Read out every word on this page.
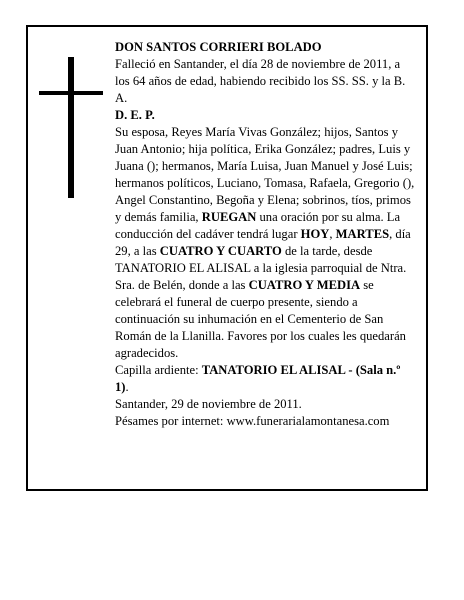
DON SANTOS CORRIERI BOLADO

Falleció en Santander, el día 28 de noviembre de 2011, a los 64 años de edad, habiendo recibido los SS. SS. y la B. A.

D. E. P.

Su esposa, Reyes María Vivas González; hijos, Santos y Juan Antonio; hija política, Erika González; padres, Luis y Juana (); hermanos, María Luisa, Juan Manuel y José Luis; hermanos políticos, Luciano, Tomasa, Rafaela, Gregorio (), Angel Constantino, Begoña y Elena; sobrinos, tíos, primos y demás familia, RUEGAN una oración por su alma. La conducción del cadáver tendrá lugar HOY, MARTES, día 29, a las CUATRO Y CUARTO de la tarde, desde TANATORIO EL ALISAL a la iglesia parroquial de Ntra. Sra. de Belén, donde a las CUATRO Y MEDIA se celebrará el funeral de cuerpo presente, siendo a continuación su inhumación en el Cementerio de San Román de la Llanilla. Favores por los cuales les quedarán agradecidos.

Capilla ardiente: TANATORIO EL ALISAL - (Sala n.º 1).

Santander, 29 de noviembre de 2011.

Pésames por internet: www.funerarialamontanesa.com
